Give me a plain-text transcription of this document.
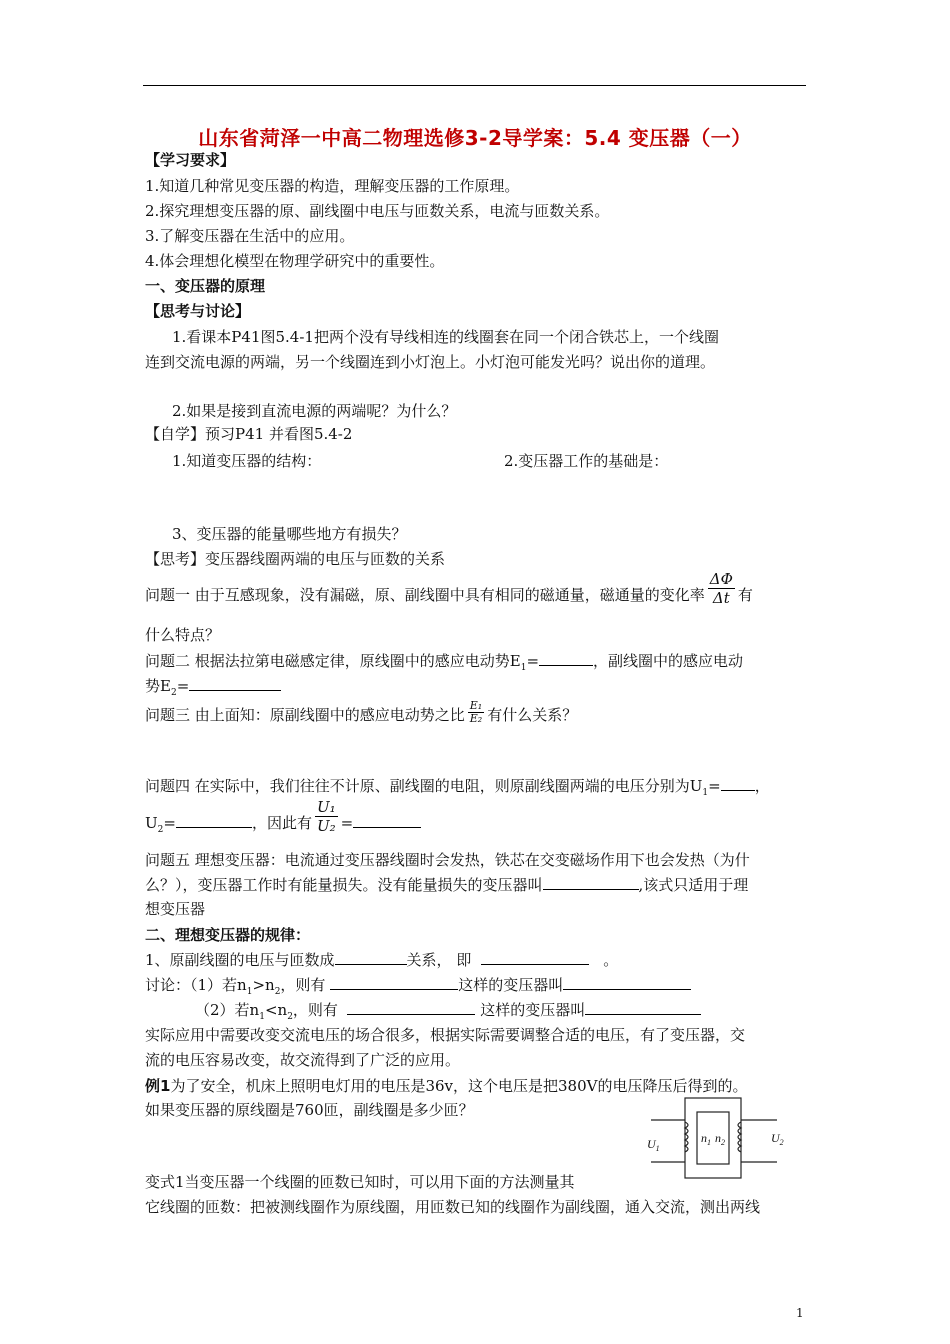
山东省菏泽一中高二物理选修3-2导学案：5.4 变压器（一）
【学习要求】
1.知道几种常见变压器的构造，理解变压器的工作原理。
2.探究理想变压器的原、副线圈中电压与匝数关系，电流与匝数关系。
3.了解变压器在生活中的应用。
4.体会理想化模型在物理学研究中的重要性。
一、变压器的原理
【思考与讨论】
1.看课本P41图5.4-1把两个没有导线相连的线圈套在同一个闭合铁芯上，一个线圈
连到交流电源的两端，另一个线圈连到小灯泡上。小灯泡可能发光吗？说出你的道理。
2.如果是接到直流电源的两端呢？为什么？
【自学】预习P41 并看图5.4-2
1.知道变压器的结构：	2.变压器工作的基础是：
3、变压器的能量哪些地方有损失？
【思考】变压器线圈两端的电压与匝数的关系
问题一 由于互感现象，没有漏磁，原、副线圈中具有相同的磁通量，磁通量的变化率 $\frac{\Delta\Phi}{\Delta t}$ 有
什么特点？
问题二 根据法拉第电磁感定律，原线圈中的感应电动势$E_1=$	，副线圈中的感应电动
势$E_2=$
问题三 由上面知：原副线圈中的感应电动势之比 $\frac{\text{E₁}}{\text{E₂}}$ 有什么关系？
问题四 在实际中，我们往往不计原、副线圈的电阻，则原副线圈两端的电压分别为$U_1=$ ，
$U_2=$	，因此有 $\frac{\text{U₁}}{\text{U₂}}$ =
问题五 理想变压器：电流通过变压器线圈时会发热，铁芯在交变磁场作用下也会发热（为什
么？），变压器工作时有能量损失。没有能量损失的变压器叫	,该式只适用于理
想变压器
二、理想变压器的规律：
1、原副线圈的电压与匝数成	关系， 即	。
讨论：（1）若$n_1>n_2$，则有	这样的变压器叫
（2）若$n_1<n_2$，则有	这样的变压器叫
实际应用中需要改变交流电压的场合很多，根据实际需要调整合适的电压，有了变压器，交
流的电压容易改变，故交流得到了广泛的应用。
例1为了安全，机床上照明电灯用的电压是36v，这个电压是把380V的电压降压后得到的。
如果变压器的原线圈是760匝，副线圈是多少匝？
$U_1$
$U_2$
$n_1$ $n_2$
变式1当变压器一个线圈的匝数已知时，可以用下面的方法测量其
它线圈的匝数：把被测线圈作为原线圈，用匝数已知的线圈作为副线圈，通入交流，测出两线
1
